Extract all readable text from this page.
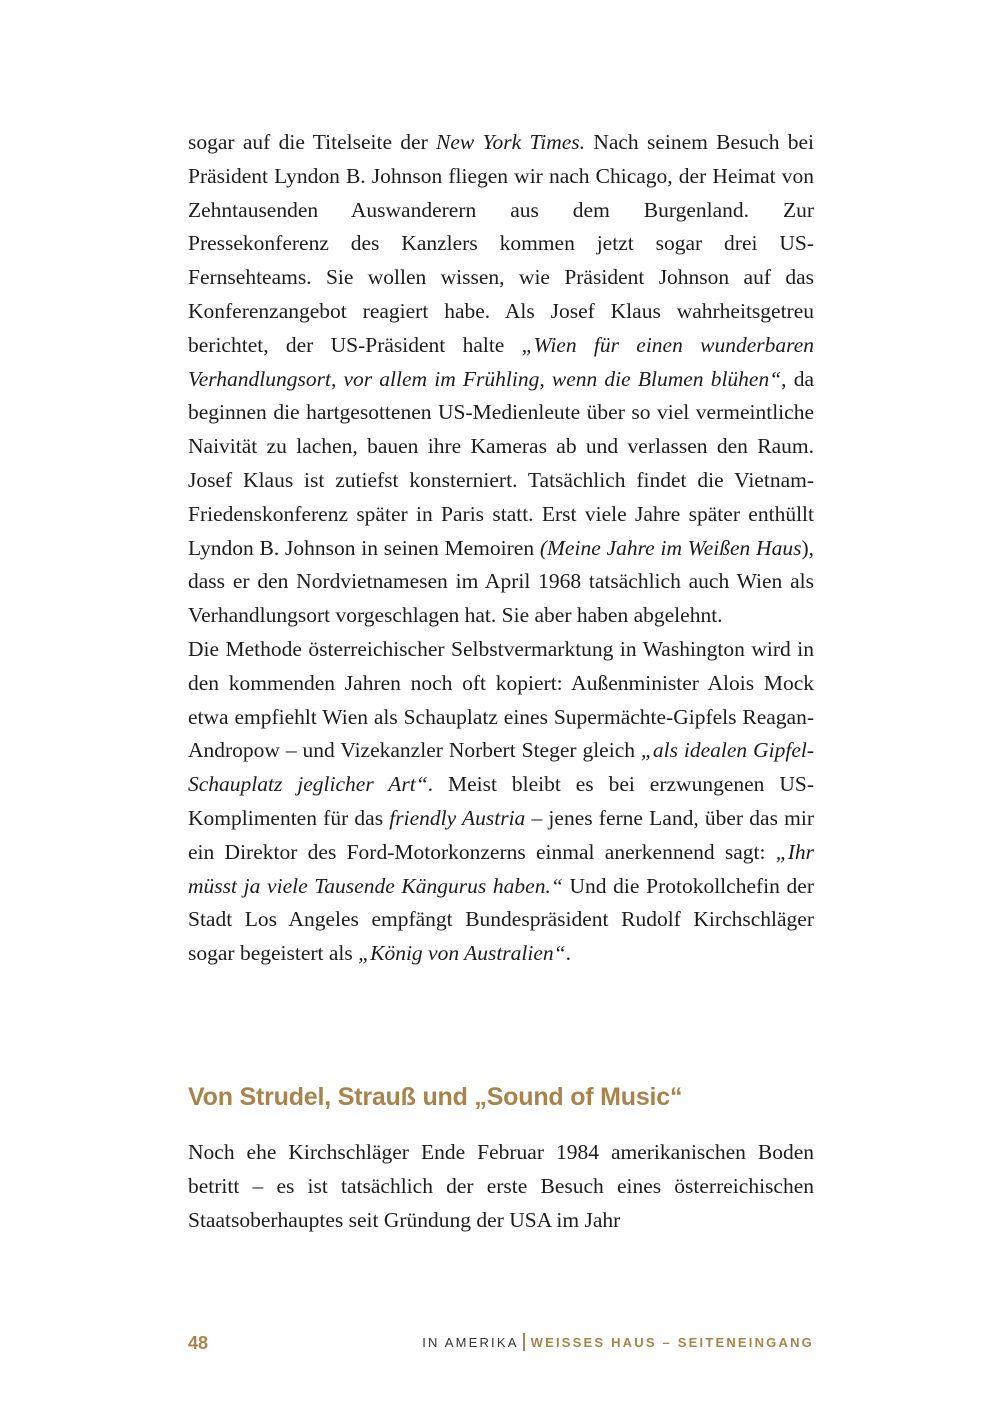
sogar auf die Titelseite der New York Times. Nach seinem Besuch bei Präsident Lyndon B. Johnson fliegen wir nach Chicago, der Heimat von Zehntausenden Auswanderern aus dem Burgenland. Zur Pressekonferenz des Kanzlers kommen jetzt sogar drei US-Fernsehteams. Sie wollen wissen, wie Präsident Johnson auf das Konferenzangebot reagiert habe. Als Josef Klaus wahrheitsgetreu berichtet, der US-Präsident halte „Wien für einen wunderbaren Verhandlungsort, vor allem im Frühling, wenn die Blumen blühen“, da beginnen die hartgesottenen US-Medienleute über so viel vermeintliche Naivität zu lachen, bauen ihre Kameras ab und verlassen den Raum. Josef Klaus ist zutiefst konsterniert. Tatsächlich findet die Vietnam-Friedenskonferenz später in Paris statt. Erst viele Jahre später enthüllt Lyndon B. Johnson in seinen Memoiren (Meine Jahre im Weißen Haus), dass er den Nordvietnamesen im April 1968 tatsächlich auch Wien als Verhandlungsort vorgeschlagen hat. Sie aber haben abgelehnt.

Die Methode österreichischer Selbstvermarktung in Washington wird in den kommenden Jahren noch oft kopiert: Außenminister Alois Mock etwa empfiehlt Wien als Schauplatz eines Supermächte-Gipfels Reagan-Andropow – und Vizekanzler Norbert Steger gleich „als idealen Gipfel-Schauplatz jeglicher Art“. Meist bleibt es bei erzwungenen US-Komplimenten für das friendly Austria – jenes ferne Land, über das mir ein Direktor des Ford-Motorkonzerns einmal anerkennend sagt: „Ihr müsst ja viele Tausende Kängurus haben.“ Und die Protokollchefin der Stadt Los Angeles empfängt Bundespräsident Rudolf Kirchschläger sogar begeistert als „König von Australien“.

Von Strudel, Strauß und „Sound of Music“

Noch ehe Kirchschläger Ende Februar 1984 amerikanischen Boden betritt – es ist tatsächlich der erste Besuch eines österreichischen Staatsoberhauptes seit Gründung der USA im Jahr

48	IN AMERIKA WEISSES HAUS – SEITENEINGANG
